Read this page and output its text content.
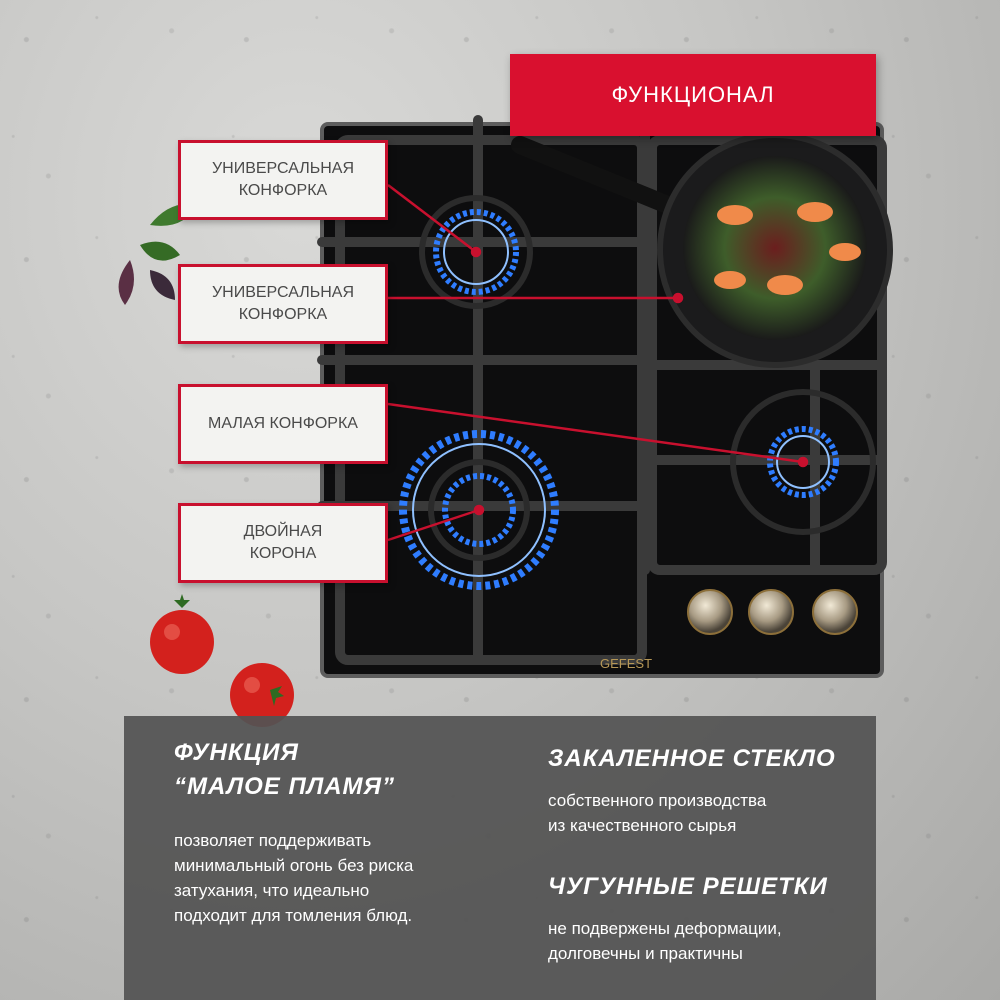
GEFEST
ФУНКЦИОНАЛ
УНИВЕРСАЛЬНАЯ
КОНФОРКА
УНИВЕРСАЛЬНАЯ
КОНФОРКА
МАЛАЯ КОНФОРКА
ДВОЙНАЯ
КОРОНА
ФУНКЦИЯ
“МАЛОЕ ПЛАМЯ”
позволяет поддерживать
минимальный огонь без риска
затухания, что идеально
подходит для томления блюд.
ЗАКАЛЕННОЕ СТЕКЛО
собственного производства
из качественного сырья
ЧУГУННЫЕ РЕШЕТКИ
не подвержены деформации,
долговечны и практичны
